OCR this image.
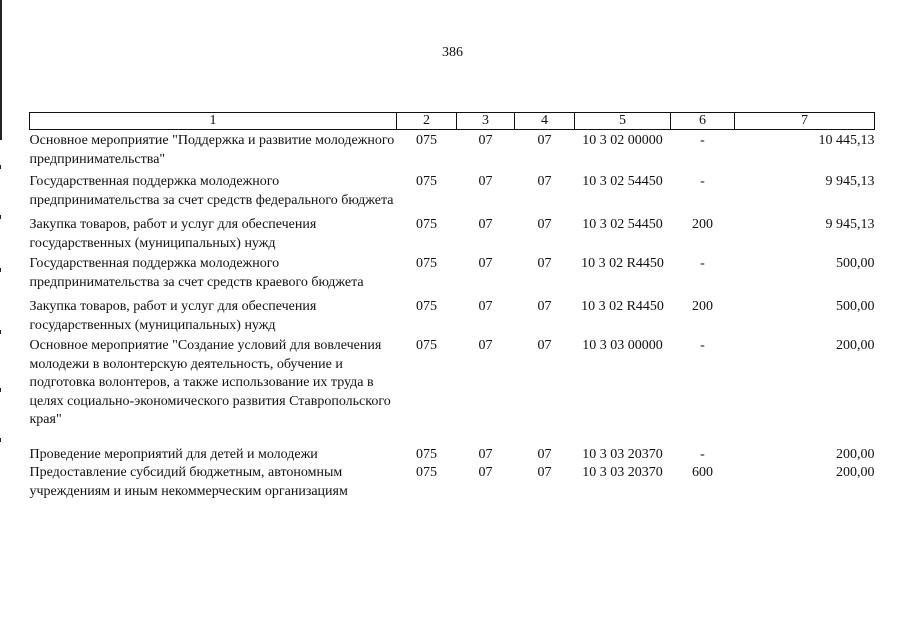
386
1	2	3	4	5	6	7
Основное мероприятие "Поддержка и развитие молодежного предпринимательства"	075	07	07	10 3 02 00000	-	10 445,13
Государственная поддержка молодежного предпринимательства за счет средств федерального бюджета	075	07	07	10 3 02 54450	-	9 945,13
Закупка товаров, работ и услуг для обеспечения государственных (муниципальных) нужд	075	07	07	10 3 02 54450	200	9 945,13
Государственная поддержка молодежного предпринимательства за счет средств краевого бюджета	075	07	07	10 3 02 R4450	-	500,00
Закупка товаров, работ и услуг для обеспечения государственных (муниципальных) нужд	075	07	07	10 3 02 R4450	200	500,00
Основное мероприятие "Создание условий для вовлечения молодежи в волонтерскую деятельность, обучение и подготовка волонтеров, а также использование их труда в целях социально-экономического развития Ставропольского края"	075	07	07	10 3 03 00000	-	200,00
Проведение мероприятий для детей и молодежи	075	07	07	10 3 03 20370	-	200,00
Предоставление субсидий бюджетным, автономным учреждениям и иным некоммерческим организациям	075	07	07	10 3 03 20370	600	200,00
